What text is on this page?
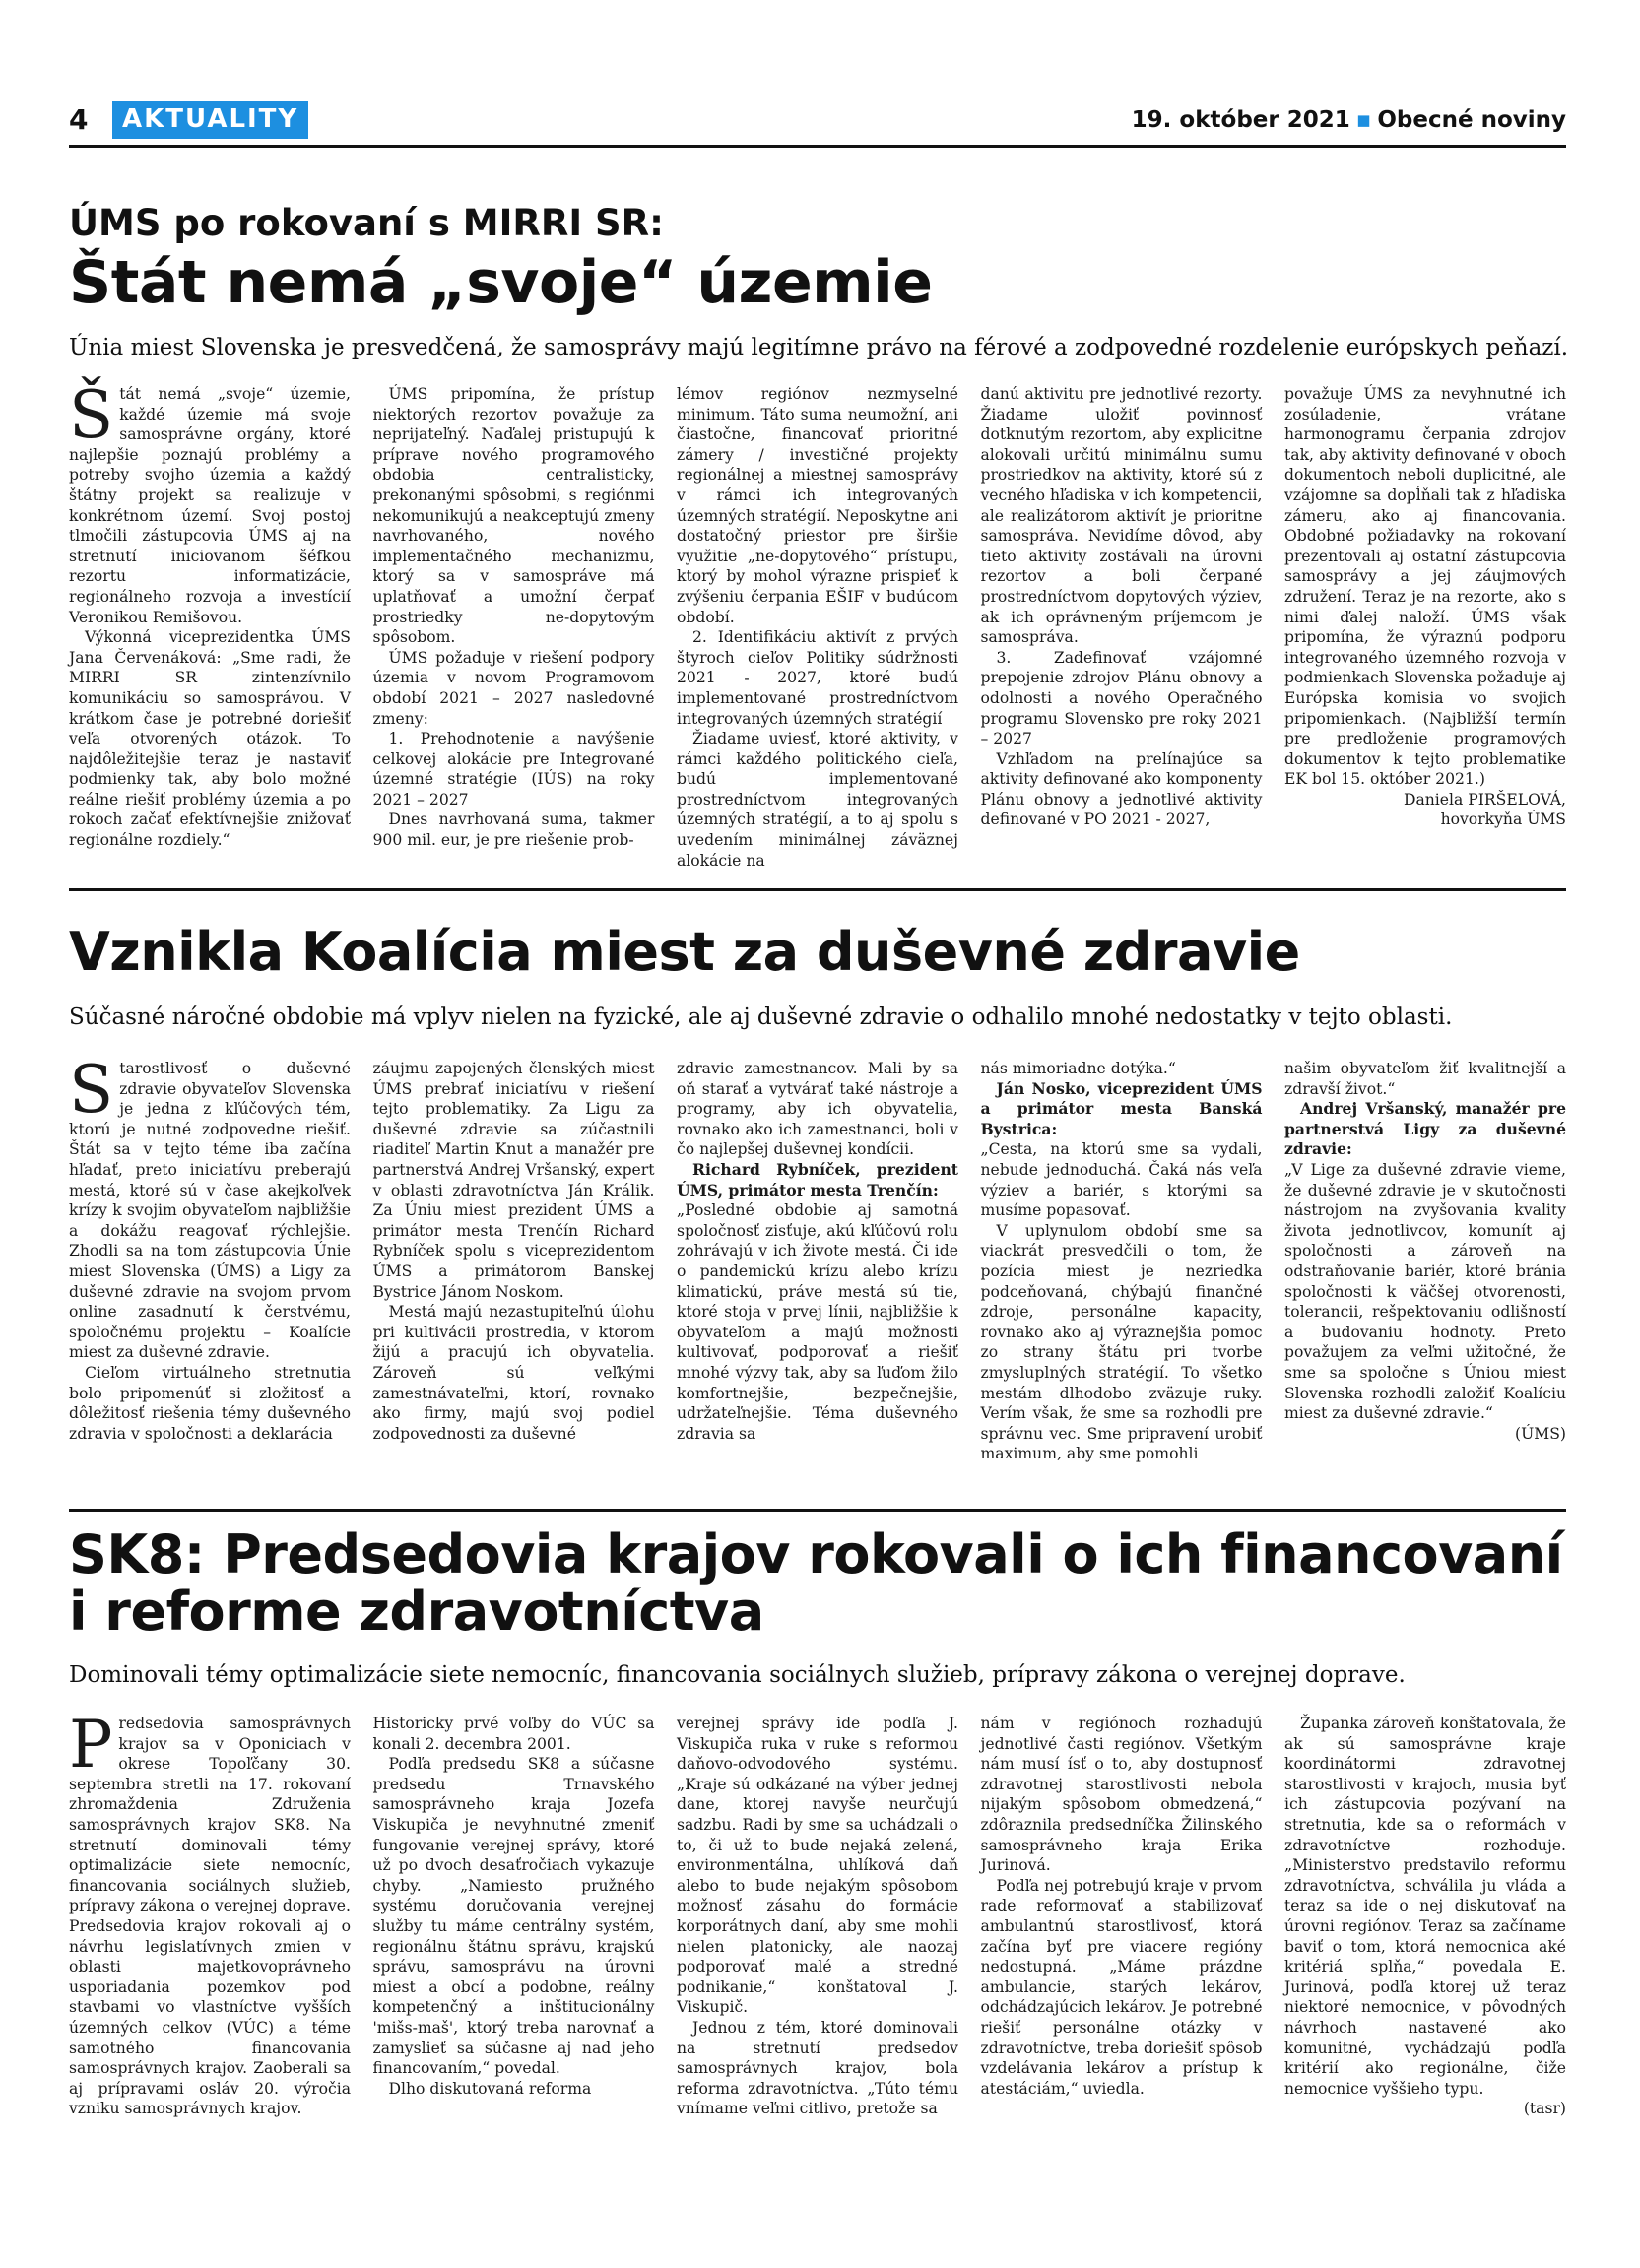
4	AKTUALITY	19. október 2021 ▪ Obecné noviny
ÚMS po rokovaní s MIRRI SR:
Štát nemá „svoje“ územie
Únia miest Slovenska je presvedčená, že samosprávy majú legitímne právo na férové a zodpovedné rozdelenie európskych peňazí.

Štát nemá „svoje“ územie, každé územie má svoje samosprávne orgány, ktoré najlepšie poznajú problémy a potreby svojho územia a každý štátny projekt sa realizuje v konkrétnom území. Svoj postoj tlmočili zástupcovia ÚMS aj na stretnutí iniciovanom šéfkou rezortu informatizácie, regionálneho rozvoja a investícií Veronikou Remišovou.

Výkonná viceprezidentka ÚMS Jana Červenáková: „Sme radi, že MIRRI SR zintenzívnilo komunikáciu so samosprávou. V krátkom čase je potrebné doriešiť veľa otvorených otázok. To najdôležitejšie teraz je nastaviť podmienky tak, aby bolo možné reálne riešiť problémy územia a po rokoch začať efektívnejšie znižovať regionálne rozdiely.“

ÚMS pripomína, že prístup niektorých rezortov považuje za neprijateľný. Naďalej pristupujú k príprave nového programového obdobia centralisticky, prekonanými spôsobmi, s regiónmi nekomunikujú a neakceptujú zmeny navrhovaného, nového implementačného mechanizmu, ktorý sa v samospráve má uplatňovať a umožní čerpať prostriedky ne-dopytovým spôsobom.

ÚMS požaduje v riešení podpory územia v novom Programovom období 2021 – 2027 nasledovné zmeny:

1. Prehodnotenie a navýšenie celkovej alokácie pre Integrované územné stratégie (IÚS) na roky 2021 – 2027

Dnes navrhovaná suma, takmer 900 mil. eur, je pre riešenie prob-

lémov regiónov nezmyselné minimum. Táto suma neumožní, ani čiastočne, financovať prioritné zámery / investičné projekty regionálnej a miestnej samosprávy v rámci ich integrovaných územných stratégií. Neposkytne ani dostatočný priestor pre širšie využitie „ne-dopytového“ prístupu, ktorý by mohol výrazne prispieť k zvýšeniu čerpania EŠIF v budúcom období.

2. Identifikáciu aktivít z prvých štyroch cieľov Politiky súdržnosti 2021 - 2027, ktoré budú implementované prostredníctvom integrovaných územných stratégií

Žiadame uviesť, ktoré aktivity, v rámci každého politického cieľa, budú implementované prostredníctvom integrovaných územných stratégií, a to aj spolu s uvedením minimálnej záväznej alokácie na

danú aktivitu pre jednotlivé rezorty. Žiadame uložiť povinnosť dotknutým rezortom, aby explicitne alokovali určitú minimálnu sumu prostriedkov na aktivity, ktoré sú z vecného hľadiska v ich kompetencii, ale realizátorom aktivít je prioritne samospráva. Nevidíme dôvod, aby tieto aktivity zostávali na úrovni rezortov a boli čerpané prostredníctvom dopytových výziev, ak ich oprávneným príjemcom je samospráva.

3. Zadefinovať vzájomné prepojenie zdrojov Plánu obnovy a odolnosti a nového Operačného programu Slovensko pre roky 2021 – 2027

Vzhľadom na prelínajúce sa aktivity definované ako komponenty Plánu obnovy a jednotlivé aktivity definované v PO 2021 - 2027,

považuje ÚMS za nevyhnutné ich zosúladenie, vrátane harmonogramu čerpania zdrojov tak, aby aktivity definované v oboch dokumentoch neboli duplicitné, ale vzájomne sa dopĺňali tak z hľadiska zámeru, ako aj financovania. Obdobné požiadavky na rokovaní prezentovali aj ostatní zástupcovia samosprávy a jej záujmových združení. Teraz je na rezorte, ako s nimi ďalej naloží. ÚMS však pripomína, že výraznú podporu integrovaného územného rozvoja v podmienkach Slovenska požaduje aj Európska komisia vo svojich pripomienkach. (Najbližší termín pre predloženie programových dokumentov k tejto problematike EK bol 15. október 2021.)

Daniela PIRŠELOVÁ,

hovorkyňa ÚMS

Vznikla Koalícia miest za duševné zdravie
Súčasné náročné obdobie má vplyv nielen na fyzické, ale aj duševné zdravie o odhalilo mnohé nedostatky v tejto oblasti.

Starostlivosť o duševné zdravie obyvateľov Slovenska je jedna z kľúčových tém, ktorú je nutné zodpovedne riešiť. Štát sa v tejto téme iba začína hľadať, preto iniciatívu preberajú mestá, ktoré sú v čase akejkoľvek krízy k svojim obyvateľom najbližšie a dokážu reagovať rýchlejšie. Zhodli sa na tom zástupcovia Únie miest Slovenska (ÚMS) a Ligy za duševné zdravie na svojom prvom online zasadnutí k čerstvému, spoločnému projektu – Koalície miest za duševné zdravie.

Cieľom virtuálneho stretnutia bolo pripomenúť si zložitosť a dôležitosť riešenia témy duševného zdravia v spoločnosti a deklarácia

záujmu zapojených členských miest ÚMS prebrať iniciatívu v riešení tejto problematiky. Za Ligu za duševné zdravie sa zúčastnili riaditeľ Martin Knut a manažér pre partnerstvá Andrej Vršanský, expert v oblasti zdravotníctva Ján Králik. Za Úniu miest prezident ÚMS a primátor mesta Trenčín Richard Rybníček spolu s viceprezidentom ÚMS a primátorom Banskej Bystrice Jánom Noskom.

Mestá majú nezastupiteľnú úlohu pri kultivácii prostredia, v ktorom žijú a pracujú ich obyvatelia. Zároveň sú veľkými zamestnávateľmi, ktorí, rovnako ako firmy, majú svoj podiel zodpovednosti za duševné

zdravie zamestnancov. Mali by sa oň starať a vytvárať také nástroje a programy, aby ich obyvatelia, rovnako ako ich zamestnanci, boli v čo najlepšej duševnej kondícii.

Richard Rybníček, prezident ÚMS, primátor mesta Trenčín:

„Posledné obdobie aj samotná spoločnosť zisťuje, akú kľúčovú rolu zohrávajú v ich živote mestá. Či ide o pandemickú krízu alebo krízu klimatickú, práve mestá sú tie, ktoré stoja v prvej línii, najbližšie k obyvateľom a majú možnosti kultivovať, podporovať a riešiť mnohé výzvy tak, aby sa ľuďom žilo komfortnejšie, bezpečnejšie, udržateľnejšie. Téma duševného zdravia sa

nás mimoriadne dotýka.“

Ján Nosko, viceprezident ÚMS a primátor mesta Banská Bystrica:

„Cesta, na ktorú sme sa vydali, nebude jednoduchá. Čaká nás veľa výziev a bariér, s ktorými sa musíme popasovať.

V uplynulom období sme sa viackrát presvedčili o tom, že pozícia miest je nezriedka podceňovaná, chýbajú finančné zdroje, personálne kapacity, rovnako ako aj výraznejšia pomoc zo strany štátu pri tvorbe zmysluplných stratégií. To všetko mestám dlhodobo zväzuje ruky. Verím však, že sme sa rozhodli pre správnu vec. Sme pripravení urobiť maximum, aby sme pomohli

našim obyvateľom žiť kvalitnejší a zdravší život.“

Andrej Vršanský, manažér pre partnerstvá Ligy za duševné zdravie:

„V Lige za duševné zdravie vieme, že duševné zdravie je v skutočnosti nástrojom na zvyšovania kvality života jednotlivcov, komunít aj spoločnosti a zároveň na odstraňovanie bariér, ktoré bránia spoločnosti k väčšej otvorenosti, tolerancii, rešpektovaniu odlišností a budovaniu hodnoty. Preto považujem za veľmi užitočné, že sme sa spoločne s Úniou miest Slovenska rozhodli založiť Koalíciu miest za duševné zdravie.“

(ÚMS)

SK8: Predsedovia krajov rokovali o ich financovaní
i reforme zdravotníctva
Dominovali témy optimalizácie siete nemocníc, financovania sociálnych služieb, prípravy zákona o verejnej doprave.

Predsedovia samosprávnych krajov sa v Oponiciach v okrese Topoľčany 30. septembra stretli na 17. rokovaní zhromaždenia Združenia samosprávnych krajov SK8. Na stretnutí dominovali témy optimalizácie siete nemocníc, financovania sociálnych služieb, prípravy zákona o verejnej doprave. Predsedovia krajov rokovali aj o návrhu legislatívnych zmien v oblasti majetkovoprávneho usporiadania pozemkov pod stavbami vo vlastníctve vyšších územných celkov (VÚC) a téme samotného financovania samosprávnych krajov. Zaoberali sa aj prípravami osláv 20. výročia vzniku samosprávnych krajov.

Historicky prvé voľby do VÚC sa konali 2. decembra 2001.

Podľa predsedu SK8 a súčasne predsedu Trnavského samosprávneho kraja Jozefa Viskupiča je nevyhnutné zmeniť fungovanie verejnej správy, ktoré už po dvoch desaťročiach vykazuje chyby. „Namiesto pružného systému doručovania verejnej služby tu máme centrálny systém, regionálnu štátnu správu, krajskú správu, samosprávu na úrovni miest a obcí a podobne, reálny kompetenčný a inštitucionálny 'mišs-maš', ktorý treba narovnať a zamyslieť sa súčasne aj nad jeho financovaním,“ povedal.

Dlho diskutovaná reforma

verejnej správy ide podľa J. Viskupiča ruka v ruke s reformou daňovo-odvodového systému. „Kraje sú odkázané na výber jednej dane, ktorej navyše neurčujú sadzbu. Radi by sme sa uchádzali o to, či už to bude nejaká zelená, environmentálna, uhlíková daň alebo to bude nejakým spôsobom možnosť zásahu do formácie korporátnych daní, aby sme mohli nielen platonicky, ale naozaj podporovať malé a stredné podnikanie,“ konštatoval J. Viskupič.

Jednou z tém, ktoré dominovali na stretnutí predsedov samosprávnych krajov, bola reforma zdravotníctva. „Túto tému vnímame veľmi citlivo, pretože sa

nám v regiónoch rozhadujú jednotlivé časti regiónov. Všetkým nám musí ísť o to, aby dostupnosť zdravotnej starostlivosti nebola nijakým spôsobom obmedzená,“ zdôraznila predsedníčka Žilinského samosprávneho kraja Erika Jurinová.

Podľa nej potrebujú kraje v prvom rade reformovať a stabilizovať ambulantnú starostlivosť, ktorá začína byť pre viacere regióny nedostupná. „Máme prázdne ambulancie, starých lekárov, odchádzajúcich lekárov. Je potrebné riešiť personálne otázky v zdravotníctve, treba doriešiť spôsob vzdelávania lekárov a prístup k atestáciám,“ uviedla.

Županka zároveň konštatovala, že ak sú samosprávne kraje koordinátormi zdravotnej starostlivosti v krajoch, musia byť ich zástupcovia pozývaní na stretnutia, kde sa o reformách v zdravotníctve rozhoduje. „Ministerstvo predstavilo reformu zdravotníctva, schválila ju vláda a teraz sa ide o nej diskutovať na úrovni regiónov. Teraz sa začíname baviť o tom, ktorá nemocnica aké kritériá splňa,“ povedala E. Jurinová, podľa ktorej už teraz niektoré nemocnice, v pôvodných návrhoch nastavené ako komunitné, vychádzajú podľa kritérií ako regionálne, čiže nemocnice vyššieho typu.

(tasr)
